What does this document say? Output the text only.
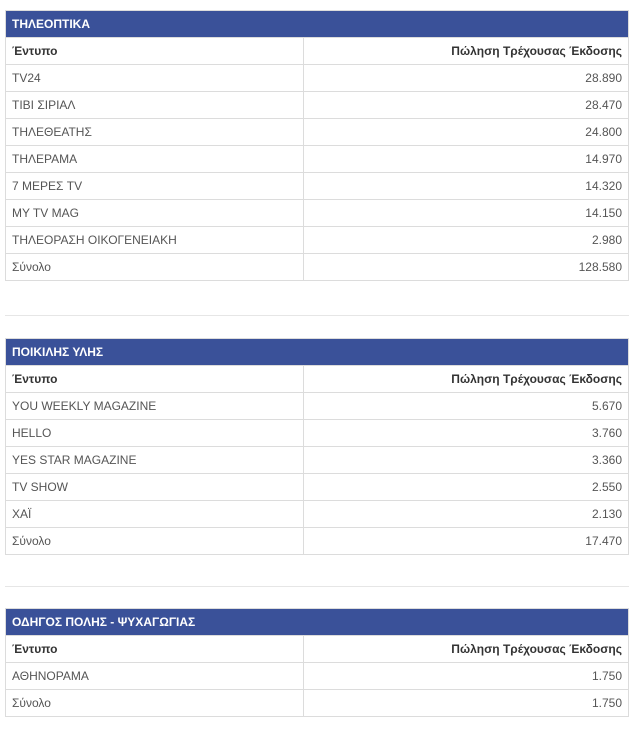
ΤΗΛΕΟΠΤΙΚΑ	
Έντυπο	Πώληση Τρέχουσας Έκδοσης
TV24	28.890
ΤΙΒΙ ΣΙΡΙΑΛ	28.470
ΤΗΛΕΘΕΑΤΗΣ	24.800
ΤΗΛΕΡΑΜΑ	14.970
7 ΜΕΡΕΣ TV	14.320
MY TV MAG	14.150
ΤΗΛΕΟΡΑΣΗ ΟΙΚΟΓΕΝΕΙΑΚΗ	2.980
Σύνολο	128.580
ΠΟΙΚΙΛΗΣ ΥΛΗΣ	
Έντυπο	Πώληση Τρέχουσας Έκδοσης
YOU WEEKLY MAGAZINE	5.670
HELLO	3.760
YES STAR MAGAZINE	3.360
TV SHOW	2.550
ΧΑΪ	2.130
Σύνολο	17.470
ΟΔΗΓΟΣ ΠΟΛΗΣ - ΨΥΧΑΓΩΓΙΑΣ	
Έντυπο	Πώληση Τρέχουσας Έκδοσης
ΑΘΗΝΟΡΑΜΑ	1.750
Σύνολο	1.750
